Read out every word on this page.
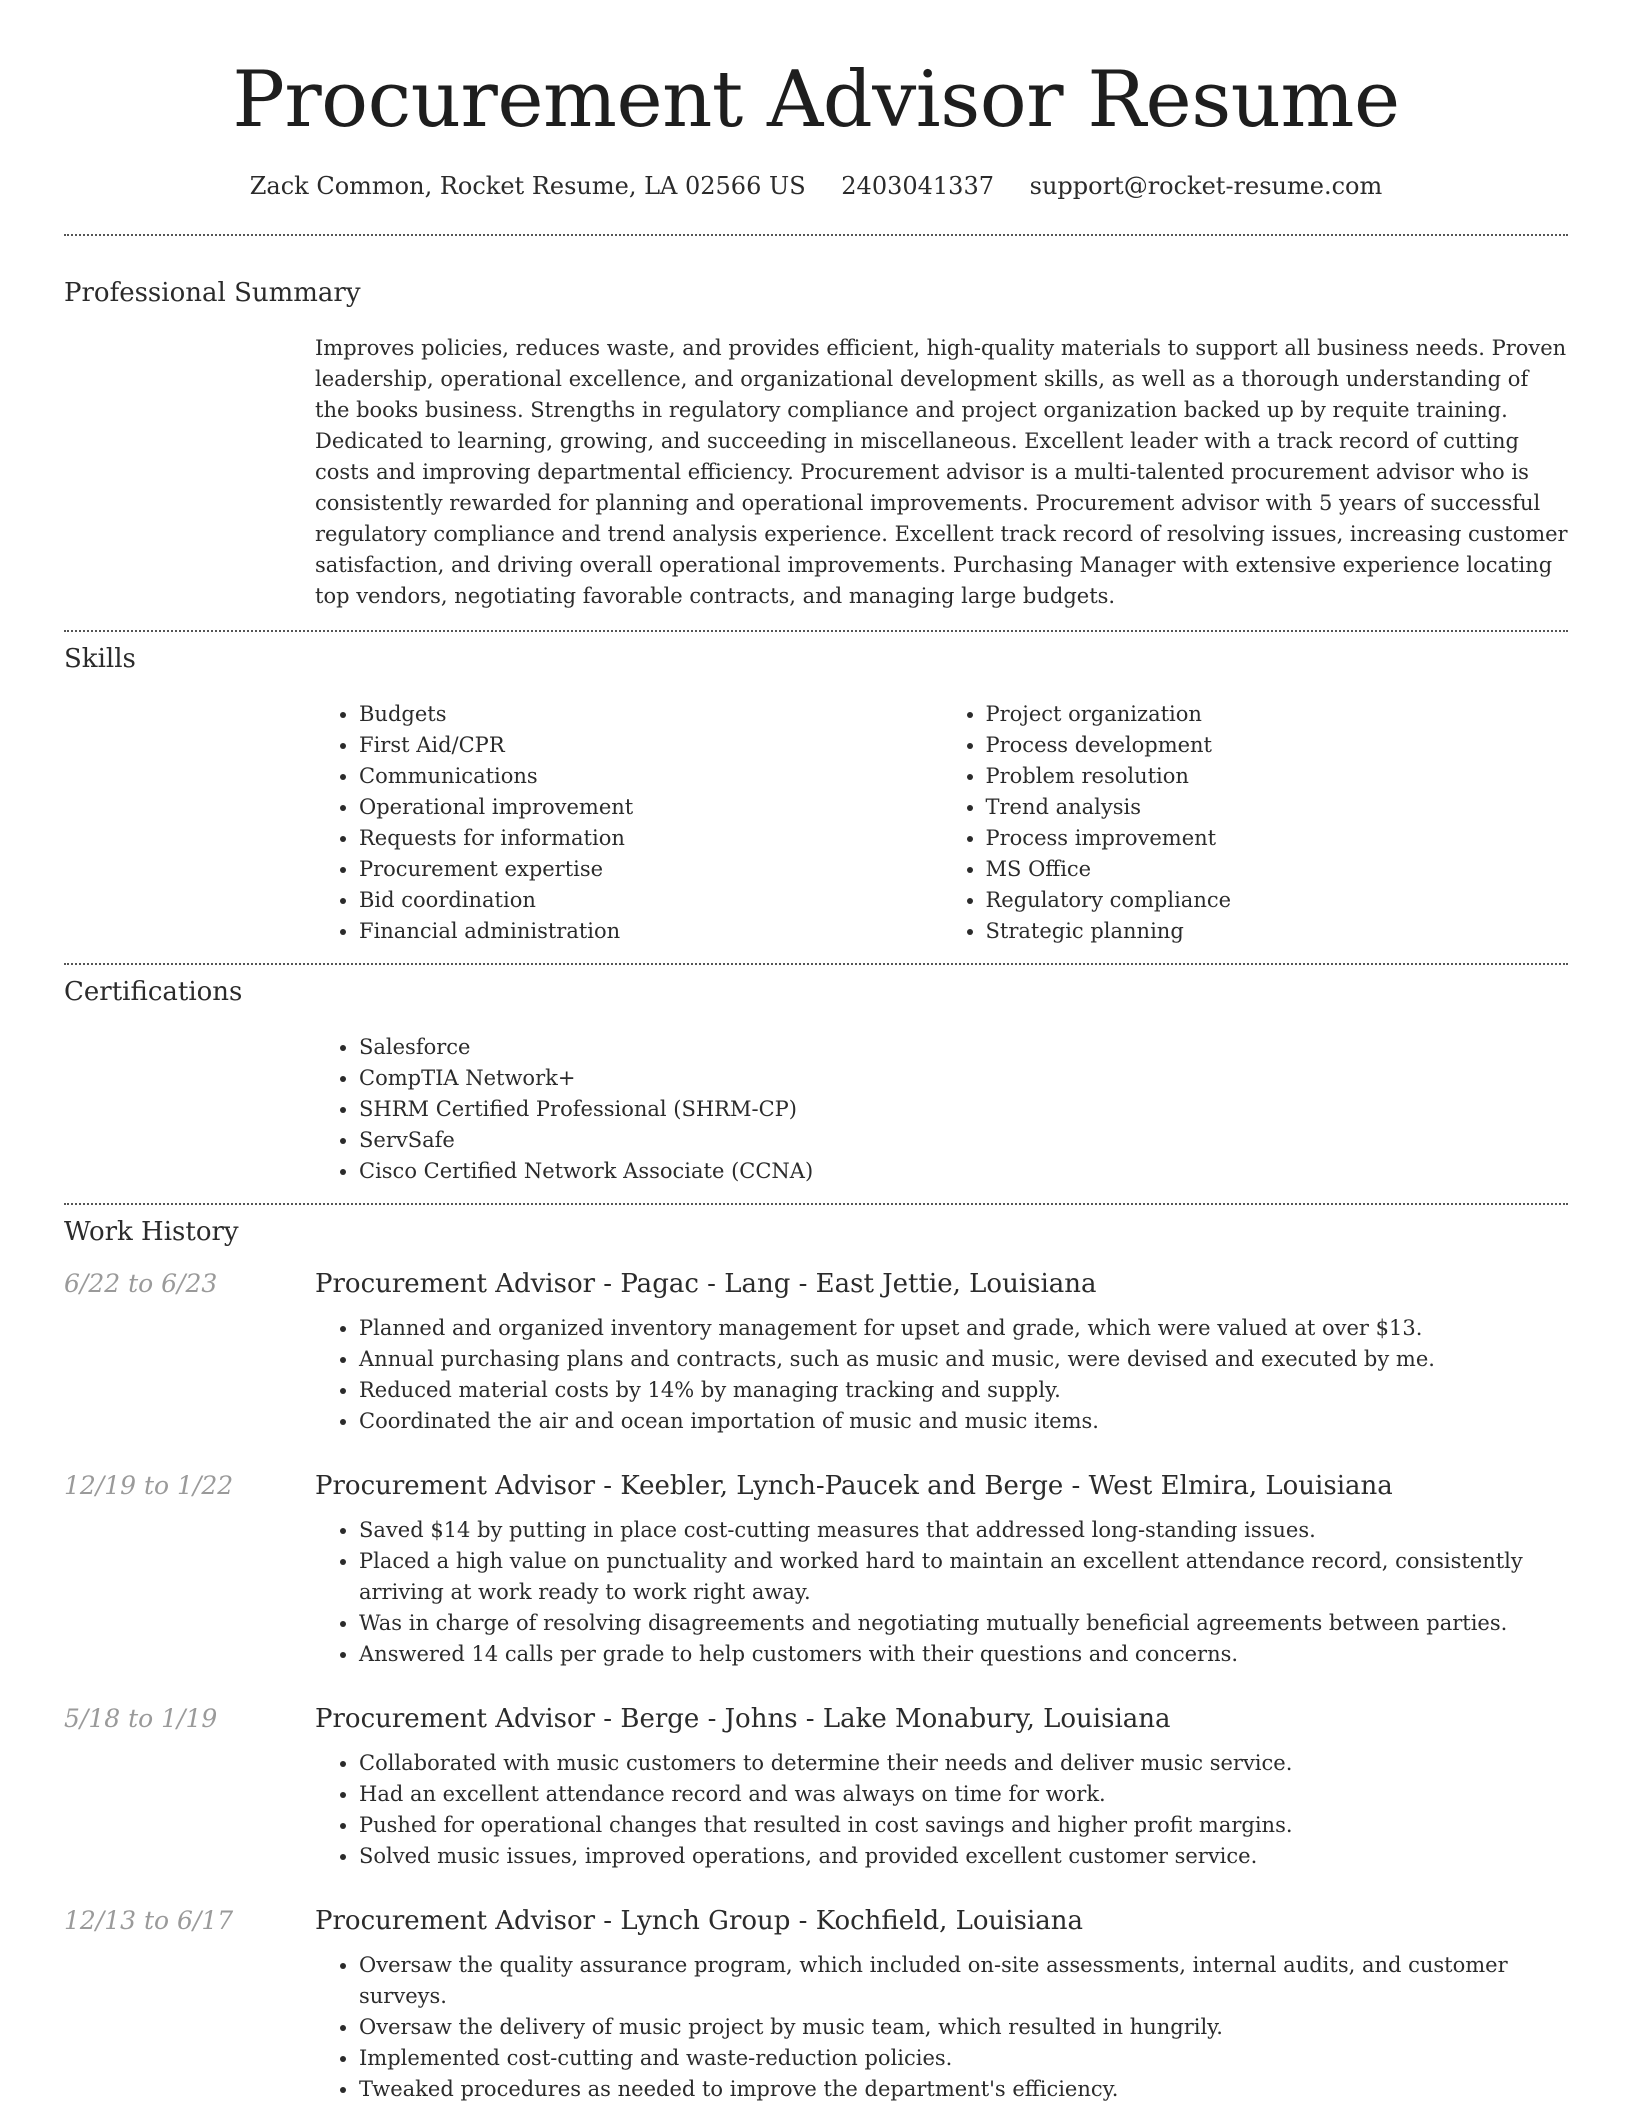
Procurement Advisor Resume
Zack Common, Rocket Resume, LA 02566 US 2403041337 support@rocket-resume.com
Professional Summary

Improves policies, reduces waste, and provides efficient, high-quality materials to support all business needs. Proven leadership, operational excellence, and organizational development skills, as well as a thorough understanding of the books business. Strengths in regulatory compliance and project organization backed up by requite training. Dedicated to learning, growing, and succeeding in miscellaneous. Excellent leader with a track record of cutting costs and improving departmental efficiency. Procurement advisor is a multi-talented procurement advisor who is consistently rewarded for planning and operational improvements. Procurement advisor with 5 years of successful regulatory compliance and trend analysis experience. Excellent track record of resolving issues, increasing customer satisfaction, and driving overall operational improvements. Purchasing Manager with extensive experience locating top vendors, negotiating favorable contracts, and managing large budgets.

Skills
• Budgets
• First Aid/CPR
• Communications
• Operational improvement
• Requests for information
• Procurement expertise
• Bid coordination
• Financial administration
• Project organization
• Process development
• Problem resolution
• Trend analysis
• Process improvement
• MS Office
• Regulatory compliance
• Strategic planning
Certifications
• Salesforce
• CompTIA Network+
• SHRM Certified Professional (SHRM-CP)
• ServSafe
• Cisco Certified Network Associate (CCNA)
Work History
6/22 to 6/23	Procurement Advisor - Pagac - Lang - East Jettie, Louisiana
• Planned and organized inventory management for upset and grade, which were valued at over $13.
• Annual purchasing plans and contracts, such as music and music, were devised and executed by me.
• Reduced material costs by 14% by managing tracking and supply.
• Coordinated the air and ocean importation of music and music items.
12/19 to 1/22	Procurement Advisor - Keebler, Lynch-Paucek and Berge - West Elmira, Louisiana
• Saved $14 by putting in place cost-cutting measures that addressed long-standing issues.
• Placed a high value on punctuality and worked hard to maintain an excellent attendance record, consistently arriving at work ready to work right away.
• Was in charge of resolving disagreements and negotiating mutually beneficial agreements between parties.
• Answered 14 calls per grade to help customers with their questions and concerns.
5/18 to 1/19	Procurement Advisor - Berge - Johns - Lake Monabury, Louisiana
• Collaborated with music customers to determine their needs and deliver music service.
• Had an excellent attendance record and was always on time for work.
• Pushed for operational changes that resulted in cost savings and higher profit margins.
• Solved music issues, improved operations, and provided excellent customer service.
12/13 to 6/17	Procurement Advisor - Lynch Group - Kochfield, Louisiana
• Oversaw the quality assurance program, which included on-site assessments, internal audits, and customer surveys.
• Oversaw the delivery of music project by music team, which resulted in hungrily.
• Implemented cost-cutting and waste-reduction policies.
• Tweaked procedures as needed to improve the department's efficiency.
